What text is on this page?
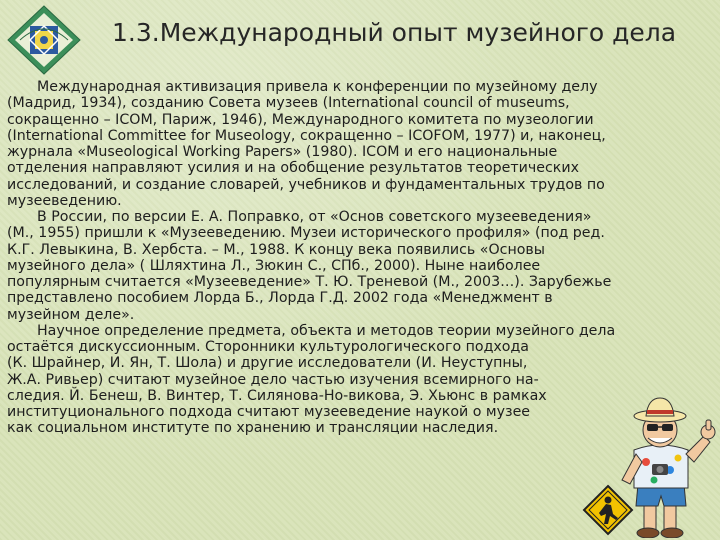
1.3.Международный опыт музейного дела
Международная активизация привела к конференции по музейному делу
(Мадрид, 1934), созданию Совета музеев (International council of museums,
сокращенно – ICOM, Париж, 1946), Международного комитета по музеологии
(International Committee for Museology, сокращенно – ICOFOM, 1977) и, наконец,
журнала «Museological Working Papers» (1980). ICOM и его национальные
отделения направляют усилия и на обобщение результатов теоретических
исследований, и создание словарей, учебников и фундаментальных трудов по
музееведению.
В России, по версии Е. А. Поправко, от «Основ советского музееведения»
(М., 1955) пришли к «Музееведению. Музеи исторического профиля» (под ред.
К.Г. Левыкина, В. Хербста. – М., 1988. К концу века появились «Основы
музейного дела» ( Шляхтина Л., Зюкин С., СПб., 2000). Ныне наиболее
популярным считается «Музееведение» Т. Ю. Треневой (М., 2003…). Зарубежье
представлено пособием Лорда Б., Лорда Г.Д. 2002 года «Менеджмент в
музейном деле».
Научное определение предмета, объекта и методов теории музейного дела
остаётся дискуссионным. Сторонники культурологического подхода
(К. Шрайнер, И. Ян, Т. Шола) и другие исследователи (И. Неуступны,
Ж.А. Ривьер) считают музейное дело частью изучения всемирного на-
следия. Й. Бенеш, В. Винтер, Т. Силянова-Но-викова, Э. Хьюнс в рамках
институционального подхода считают музееведение наукой о музее
как социальном институте по хранению и трансляции наследия.
